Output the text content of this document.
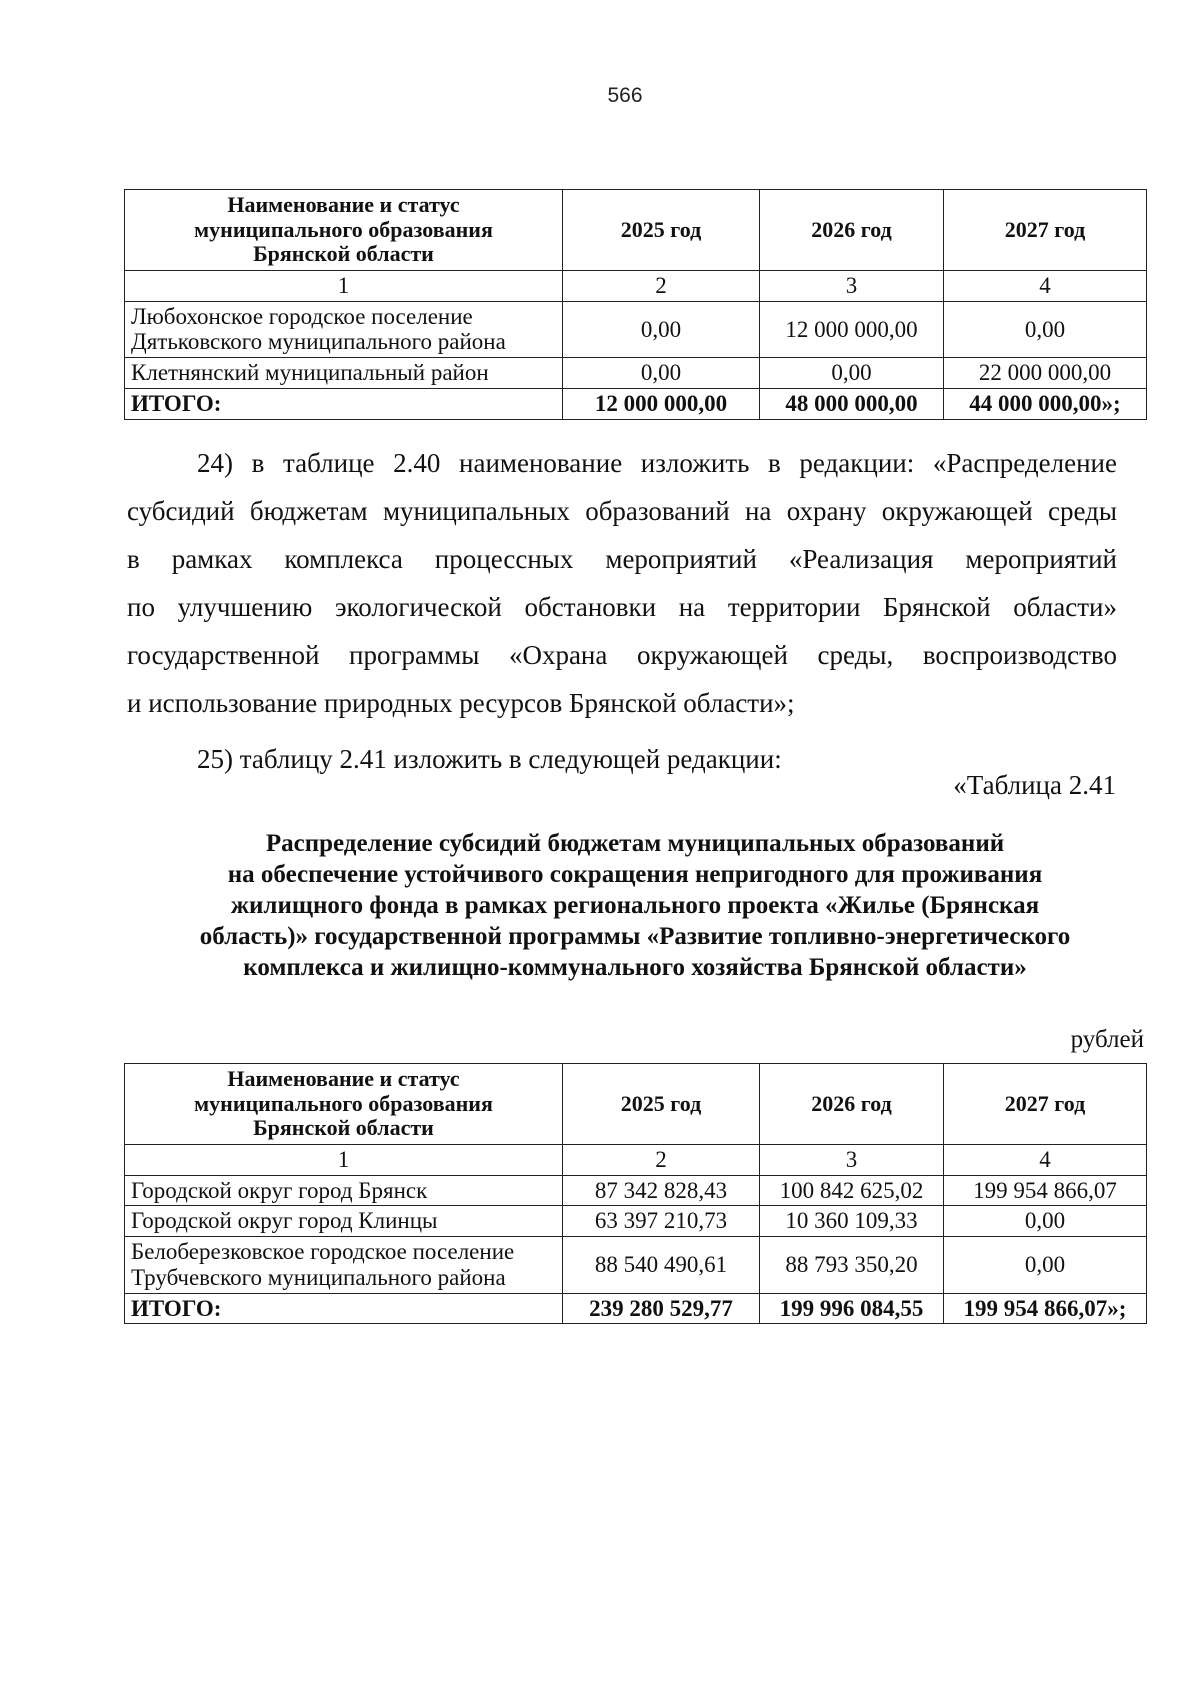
566
Наименование и статус
муниципального образования
Брянской области	2025 год	2026 год	2027 год
1	2	3	4
Любохонское городское поселение
Дятьковского муниципального района	0,00	12 000 000,00	0,00
Клетнянский муниципальный район	0,00	0,00	22 000 000,00
ИТОГО:	12 000 000,00	48 000 000,00	44 000 000,00»;
24) в таблице 2.40 наименование изложить в редакции: «Распределение
субсидий бюджетам муниципальных образований на охрану окружающей среды
в рамках комплекса процессных мероприятий «Реализация мероприятий
по улучшению экологической обстановки на территории Брянской области»
государственной программы «Охрана окружающей среды, воспроизводство
и использование природных ресурсов Брянской области»;
25) таблицу 2.41 изложить в следующей редакции:
«Таблица 2.41
Распределение субсидий бюджетам муниципальных образований
на обеспечение устойчивого сокращения непригодного для проживания
жилищного фонда в рамках регионального проекта «Жилье (Брянская
область)» государственной программы «Развитие топливно-энергетического
комплекса и жилищно-коммунального хозяйства Брянской области»
рублей
Наименование и статус
муниципального образования
Брянской области	2025 год	2026 год	2027 год
1	2	3	4
Городской округ город Брянск	87 342 828,43	100 842 625,02	199 954 866,07
Городской округ город Клинцы	63 397 210,73	10 360 109,33	0,00
Белоберезковское городское поселение
Трубчевского муниципального района	88 540 490,61	88 793 350,20	0,00
ИТОГО:	239 280 529,77	199 996 084,55	199 954 866,07»;
